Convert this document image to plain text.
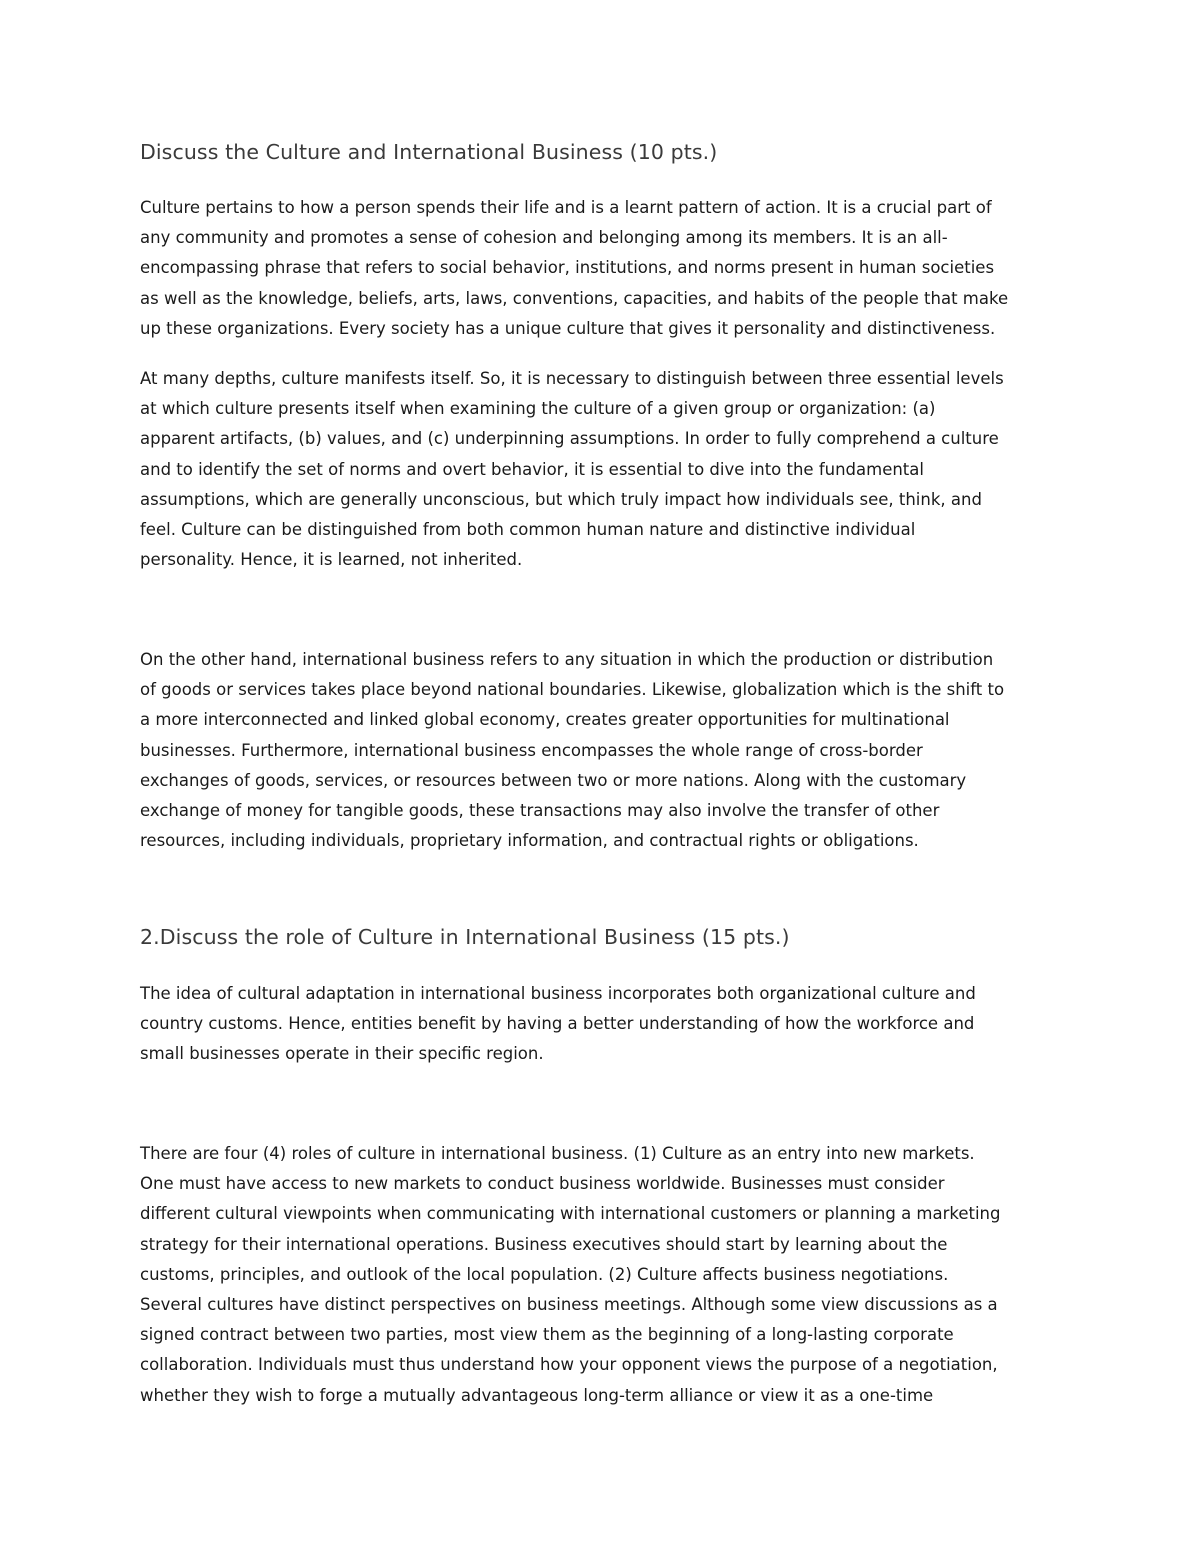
Discuss the Culture and International Business (10 pts.)

Culture pertains to how a person spends their life and is a learnt pattern of action. It is a crucial part of
any community and promotes a sense of cohesion and belonging among its members. It is an all-
encompassing phrase that refers to social behavior, institutions, and norms present in human societies
as well as the knowledge, beliefs, arts, laws, conventions, capacities, and habits of the people that make
up these organizations. Every society has a unique culture that gives it personality and distinctiveness.

At many depths, culture manifests itself. So, it is necessary to distinguish between three essential levels
at which culture presents itself when examining the culture of a given group or organization: (a)
apparent artifacts, (b) values, and (c) underpinning assumptions. In order to fully comprehend a culture
and to identify the set of norms and overt behavior, it is essential to dive into the fundamental
assumptions, which are generally unconscious, but which truly impact how individuals see, think, and
feel. Culture can be distinguished from both common human nature and distinctive individual
personality. Hence, it is learned, not inherited.

On the other hand, international business refers to any situation in which the production or distribution
of goods or services takes place beyond national boundaries. Likewise, globalization which is the shift to
a more interconnected and linked global economy, creates greater opportunities for multinational
businesses. Furthermore, international business encompasses the whole range of cross-border
exchanges of goods, services, or resources between two or more nations. Along with the customary
exchange of money for tangible goods, these transactions may also involve the transfer of other
resources, including individuals, proprietary information, and contractual rights or obligations.

2.Discuss the role of Culture in International Business (15 pts.)

The idea of cultural adaptation in international business incorporates both organizational culture and
country customs. Hence, entities benefit by having a better understanding of how the workforce and
small businesses operate in their specific region.

There are four (4) roles of culture in international business. (1) Culture as an entry into new markets.
One must have access to new markets to conduct business worldwide. Businesses must consider
different cultural viewpoints when communicating with international customers or planning a marketing
strategy for their international operations. Business executives should start by learning about the
customs, principles, and outlook of the local population. (2) Culture affects business negotiations.
Several cultures have distinct perspectives on business meetings. Although some view discussions as a
signed contract between two parties, most view them as the beginning of a long-lasting corporate
collaboration. Individuals must thus understand how your opponent views the purpose of a negotiation,
whether they wish to forge a mutually advantageous long-term alliance or view it as a one-time
